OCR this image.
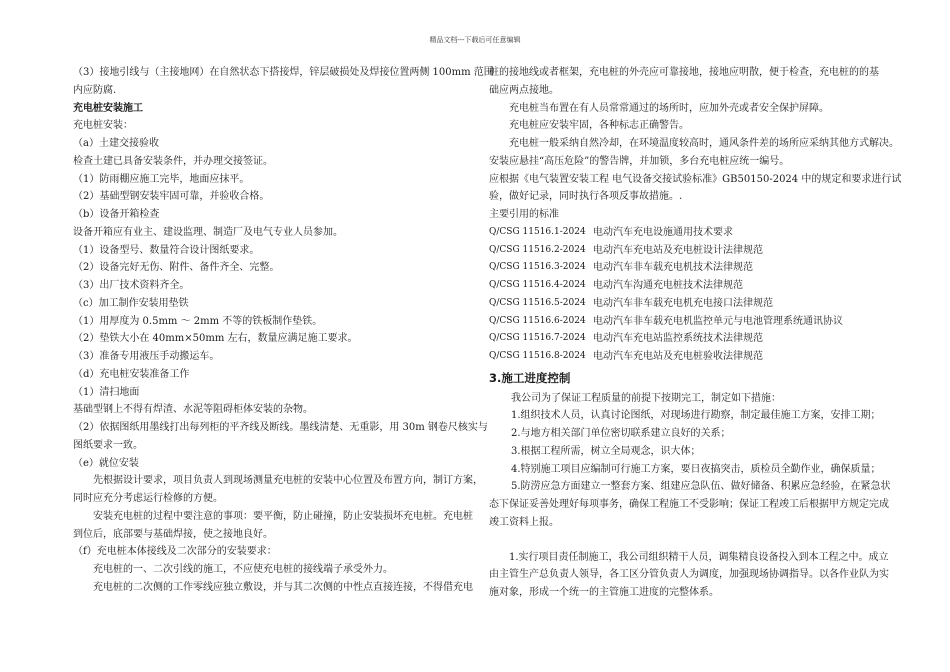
精品文档---下载后可任意编辑

（3）接地引线与（主接地网）在自然状态下搭接焊，锌层破损处及焊接位置两侧 100mm 范围

内应防腐.

充电桩安装施工

充电桩安装：

（a）土建交接验收

检查土建已具备安装条件，并办理交接签证。

（1）防雨棚应施工完毕，地面应抹平。

（2）基础型钢安装牢固可靠，并验收合格。

（b）设备开箱检查

设备开箱应有业主、建设监理、制造厂及电气专业人员参加。

（1）设备型号、数量符合设计图纸要求。

（2）设备完好无伤、附件、备件齐全、完整。

（3）出厂技术资料齐全。

（c）加工制作安装用垫铁

（1）用厚度为 0.5mm ～ 2mm 不等的铁板制作垫铁。

（2）垫铁大小在 40mm×50mm 左右，数量应满足施工要求。

（3）准备专用液压手动搬运车。

（d）充电桩安装准备工作

（1）清扫地面

基础型钢上不得有焊渣、水泥等阻碍柜体安装的杂物。

（2）依据图纸用墨线打出每列柜的平齐线及断线。墨线清楚、无重影，用 30m 钢卷尺核实与

图纸要求一致。

（e）就位安装

先根据设计要求，项目负责人到现场测量充电桩的安装中心位置及布置方向，制订方案，

同时应充分考虑运行检修的方便。

安装充电桩的过程中要注意的事项：要平衡，防止碰撞，防止安装损坏充电桩。充电桩

到位后，底部要与基础焊接，使之接地良好。

（f）充电桩本体接线及二次部分的安装要求：

充电桩的一、二次引线的施工，不应使充电桩的接线端子承受外力。

充电桩的二次侧的工作零线应独立敷设，并与其二次侧的中性点直接连接，不得借充电

桩的接地线或者框架，充电桩的外壳应可靠接地，接地应明散，便于检查，充电桩的的基

础应两点接地。

充电桩当布置在有人员常常通过的场所时，应加外壳或者安全保护屏障。

充电桩应安装牢固，各种标志正确警告。

充电桩一般采纳自然冷却，在环境温度较高时，通风条件差的场所应采纳其他方式解决。

安装应悬挂“高压危险”的警告牌，并加锁，多台充电桩应统一编号。

应根据《电气装置安装工程 电气设备交接试验标准》GB50150-2024 中的规定和要求进行试

验，做好记录，同时执行各项反事故措施。.

主要引用的标准

Q/CSG 11516.1-2024 电动汽车充电设施通用技术要求
Q/CSG 11516.2-2024 电动汽车充电站及充电桩设计法律规范
Q/CSG 11516.3-2024 电动汽车非车载充电机技术法律规范
Q/CSG 11516.4-2024 电动汽车沟通充电桩技术法律规范
Q/CSG 11516.5-2024 电动汽车非车载充电机充电接口法律规范
Q/CSG 11516.6-2024 电动汽车非车载充电机监控单元与电池管理系统通讯协议
Q/CSG 11516.7-2024 电动汽车充电站监控系统技术法律规范
Q/CSG 11516.8-2024 电动汽车充电站及充电桩验收法律规范

3.施工进度控制

我公司为了保证工程质量的前提下按期完工，制定如下措施：

1.组织技术人员，认真讨论图纸，对现场进行勘察，制定最佳施工方案，安排工期；

2.与地方相关部门单位密切联系建立良好的关系；

3.根据工程所需，树立全局观念，识大体；

4.特别施工项目应编制可行施工方案，要日夜搞突击，质检员全勤作业，确保质量；

5.防涝应急方面建立一整套方案、组建应急队伍、做好储备、积累应急经验，在紧急状

态下保证妥善处理好每项事务，确保工程施工不受影响；保证工程竣工后根据甲方规定完成

竣工资料上报。

1.实行项目责任制施工，我公司组织精干人员，调集精良设备投入到本工程之中。成立

由主管生产总负责人领导，各工区分管负责人为调度，加强现场协调指导。以各作业队为实

施对象，形成一个统一的主管施工进度的完整体系。
